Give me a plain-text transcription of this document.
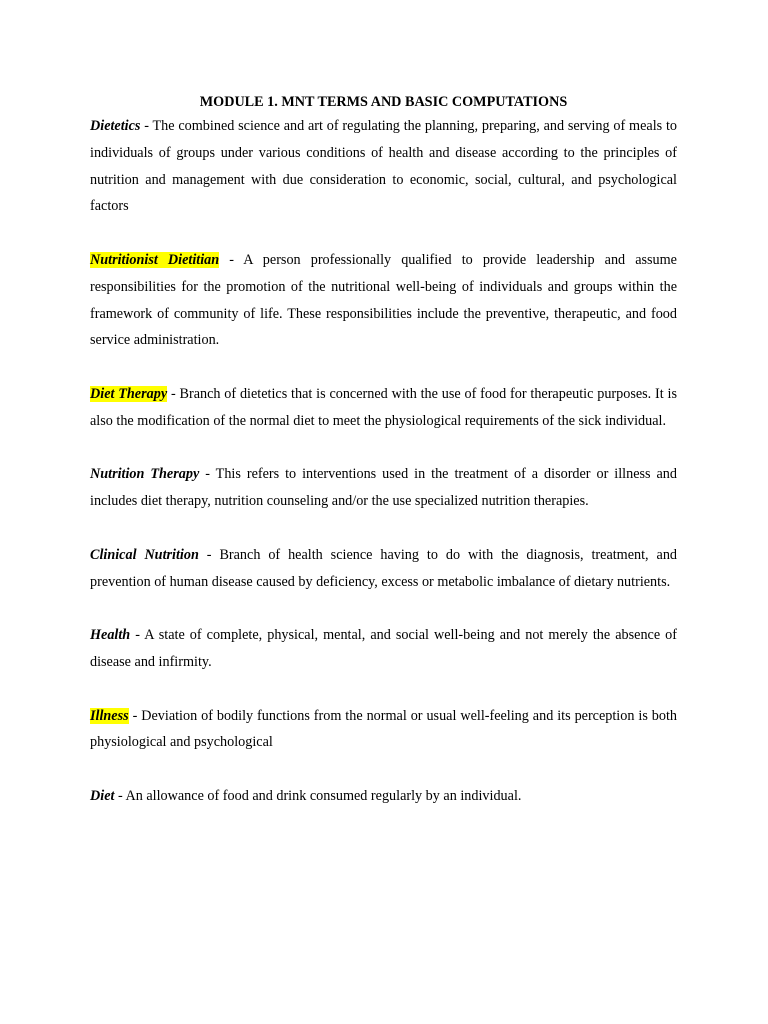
MODULE 1. MNT TERMS AND BASIC COMPUTATIONS

Dietetics - The combined science and art of regulating the planning, preparing, and serving of meals to individuals of groups under various conditions of health and disease according to the principles of nutrition and management with due consideration to economic, social, cultural, and psychological factors

Nutritionist Dietitian - A person professionally qualified to provide leadership and assume responsibilities for the promotion of the nutritional well-being of individuals and groups within the framework of community of life. These responsibilities include the preventive, therapeutic, and food service administration.

Diet Therapy - Branch of dietetics that is concerned with the use of food for therapeutic purposes. It is also the modification of the normal diet to meet the physiological requirements of the sick individual.

Nutrition Therapy - This refers to interventions used in the treatment of a disorder or illness and includes diet therapy, nutrition counseling and/or the use specialized nutrition therapies.

Clinical Nutrition - Branch of health science having to do with the diagnosis, treatment, and prevention of human disease caused by deficiency, excess or metabolic imbalance of dietary nutrients.

Health - A state of complete, physical, mental, and social well-being and not merely the absence of disease and infirmity.

Illness - Deviation of bodily functions from the normal or usual well-feeling and its perception is both physiological and psychological

Diet - An allowance of food and drink consumed regularly by an individual.
